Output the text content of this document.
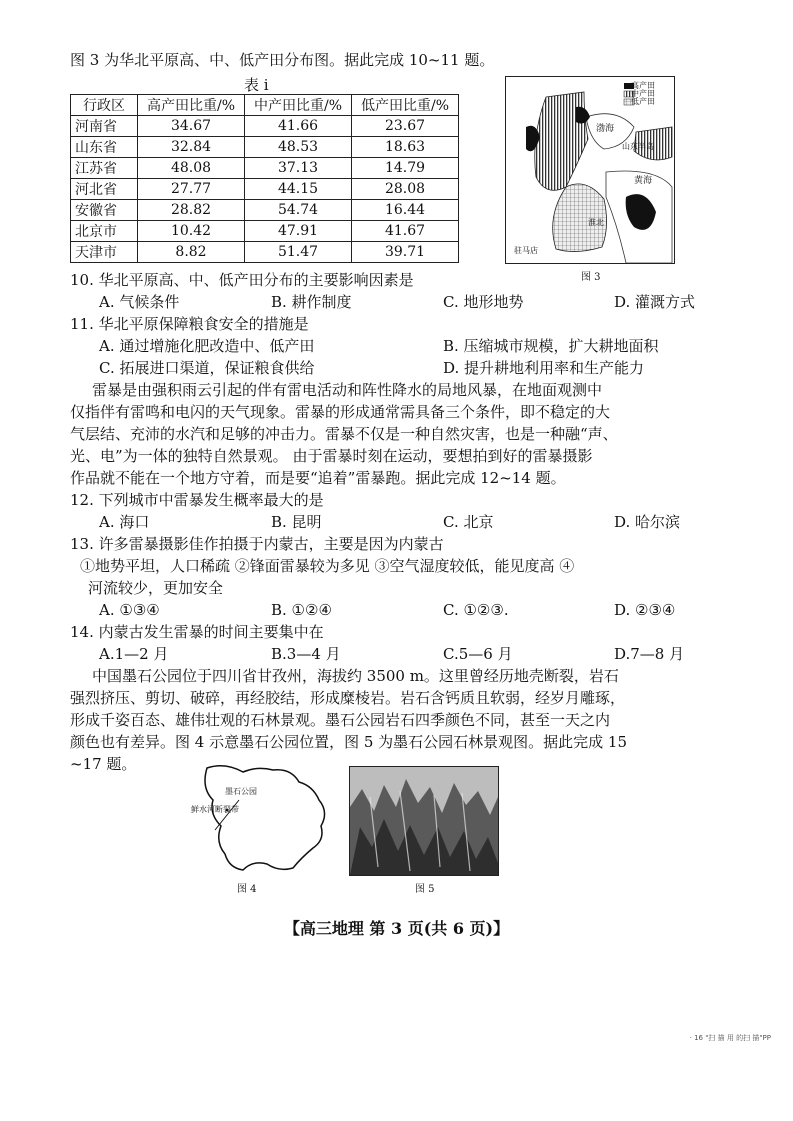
图 3 为华北平原高、中、低产田分布图。据此完成 10~11 题。
表 i
行政区	高产田比重/%	中产田比重/%	低产田比重/%
河南省	34.67	41.66	23.67
山东省	32.84	48.53	18.63
江苏省	48.08	37.13	14.79
河北省	27.77	44.15	28.08
安徽省	28.82	54.74	16.44
北京市	10.42	47.91	41.67
天津市	8.82	51.47	39.71
高产田
中产田
低产田
渤海
山东半岛
黄海
淮北
驻马店
图 3
10. 华北平原高、中、低产田分布的主要影响因素是
A. 气候条件	B. 耕作制度	C. 地形地势	D. 灌溉方式
11. 华北平原保障粮食安全的措施是
A. 通过增施化肥改造中、低产田	B. 压缩城市规模，扩大耕地面积
C. 拓展进口渠道，保证粮食供给	D. 提升耕地利用率和生产能力
雷暴是由强积雨云引起的伴有雷电活动和阵性降水的局地风暴，在地面观测中
仅指伴有雷鸣和电闪的天气现象。雷暴的形成通常需具备三个条件，即不稳定的大
气层结、充沛的水汽和足够的冲击力。雷暴不仅是一种自然灾害，也是一种融“声、
光、电”为一体的独特自然景观。 由于雷暴时刻在运动，要想拍到好的雷暴摄影
作品就不能在一个地方守着，而是要“追着”雷暴跑。据此完成 12~14 题。
12. 下列城市中雷暴发生概率最大的是
A. 海口	B. 昆明	C. 北京	D. 哈尔滨
13. 许多雷暴摄影佳作拍摄于内蒙古，主要是因为内蒙古
①地势平坦，人口稀疏 ②锋面雷暴较为多见 ③空气湿度较低，能见度高 ④
河流较少，更加安全
A. ①③④	B. ①②④	C. ①②③.	D. ②③④
14. 内蒙古发生雷暴的时间主要集中在
A.1—2 月	B.3—4 月	C.5—6 月	D.7—8 月
中国墨石公园位于四川省甘孜州，海拔约 3500 m。这里曾经历地壳断裂，岩石
强烈挤压、剪切、破碎，再经胶结，形成糜棱岩。岩石含钙质且软弱，经岁月雕琢，
形成千姿百态、雄伟壮观的石林景观。墨石公园岩石四季颜色不同，甚至一天之内
颜色也有差异。图 4 示意墨石公园位置，图 5 为墨石公园石林景观图。据此完成 15
~17 题。
墨石公园
鲜水河断裂带
图 4	图 5
【高三地理 第 3 页(共 6 页)】
· 16 "扫 描 用 的扫 描"PP
